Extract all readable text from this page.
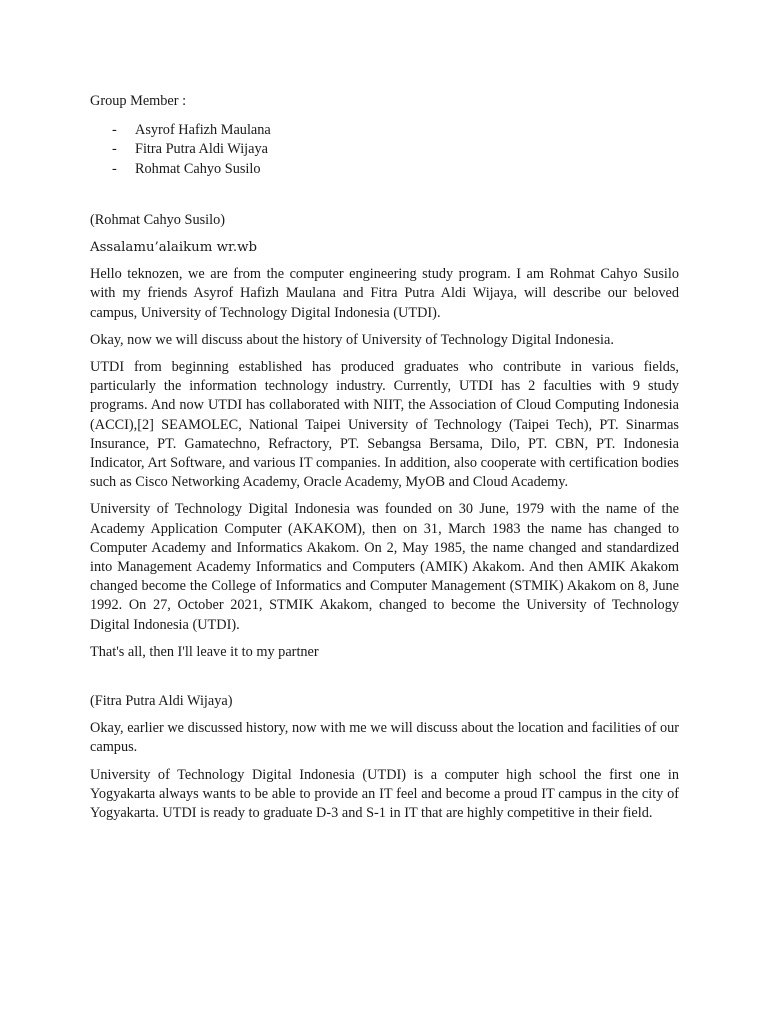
Group Member :
- Asyrof Hafizh Maulana
- Fitra Putra Aldi Wijaya
- Rohmat Cahyo Susilo
(Rohmat Cahyo Susilo)
Assalamu’alaikum wr.wb

Hello teknozen, we are from the computer engineering study program. I am Rohmat Cahyo Susilo with my friends Asyrof Hafizh Maulana and Fitra Putra Aldi Wijaya, will describe our beloved campus, University of Technology Digital Indonesia (UTDI).

Okay, now we will discuss about the history of University of Technology Digital Indonesia.

UTDI from beginning established has produced graduates who contribute in various fields, particularly the information technology industry. Currently, UTDI has 2 faculties with 9 study programs. And now UTDI has collaborated with NIIT, the Association of Cloud Computing Indonesia (ACCI),[2] SEAMOLEC, National Taipei University of Technology (Taipei Tech), PT. Sinarmas Insurance, PT. Gamatechno, Refractory, PT. Sebangsa Bersama, Dilo, PT. CBN, PT. Indonesia Indicator, Art Software, and various IT companies. In addition, also cooperate with certification bodies such as Cisco Networking Academy, Oracle Academy, MyOB and Cloud Academy.

University of Technology Digital Indonesia was founded on 30 June, 1979 with the name of the Academy Application Computer (AKAKOM), then on 31, March 1983 the name has changed to Computer Academy and Informatics Akakom. On 2, May 1985, the name changed and standardized into Management Academy Informatics and Computers (AMIK) Akakom. And then AMIK Akakom changed become the College of Informatics and Computer Management (STMIK) Akakom on 8, June 1992. On 27, October 2021, STMIK Akakom, changed to become the University of Technology Digital Indonesia (UTDI).

That's all, then I'll leave it to my partner

(Fitra Putra Aldi Wijaya)

Okay, earlier we discussed history, now with me we will discuss about the location and facilities of our campus.

University of Technology Digital Indonesia (UTDI) is a computer high school the first one in Yogyakarta always wants to be able to provide an IT feel and become a proud IT campus in the city of Yogyakarta. UTDI is ready to graduate D-3 and S-1 in IT that are highly competitive in their field.
